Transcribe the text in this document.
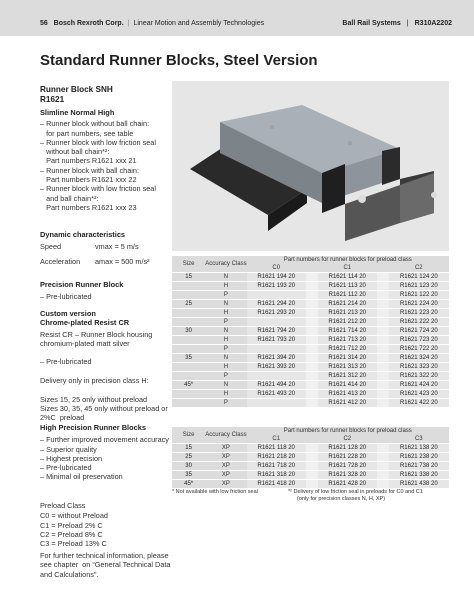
56 Bosch Rexroth Corp. | Linear Motion and Assembly Technologies	Ball Rail Systems | R310A2202
Standard Runner Blocks, Steel Version
Runner Block SNH
R1621
Slimline Normal High
– Runner block without ball chain:
for part numbers, see table
– Runner block with low friction seal
without ball chain*²:
Part numbers R1621 xxx 21
– Runner block with ball chain:
Part numbers R1621 xxx 22
– Runner block with low friction seal
and ball chain*²:
Part numbers R1621 xxx 23
Dynamic characteristics
Speed	vmax = 5 m/s
Acceleration	amax = 500 m/s²
Precision Runner Block
– Pre-lubricated
Custom version
Chrome-plated Resist CR
Resist CR – Runner Block housing
chromium-plated matt silver
– Pre-lubricated
Delivery only in precision class H:
Sizes 15, 25 only without preload
Sizes 30, 35, 45 only without preload or
2%C  preload
High Precision Runner Blocks
– Further improved movement accuracy
– Superior quality
– Highest precision
– Pre-lubricated
– Minimal oil preservation
Preload Class
C0 = without Preload
C1 = Preload 2% C
C2 = Preload 8% C
C3 = Preload 13% C
For further technical information, please
see chapter  on “General Technical Data
and Calculations”.
Size	Accuracy Class	Part numbers for runner blocks for preload class				
		C0		C1		C2
15	N	R1621 194 20		R1621 114 20		R1621 124 20
	H	R1621 193 20		R1621 113 20		R1621 123 20
	P			R1621 112 20		R1621 122 20
25	N	R1621 294 20		R1621 214 20		R1621 224 20
	H	R1621 293 20		R1621 213 20		R1621 223 20
	P			R1621 212 20		R1621 222 20
30	N	R1621 794 20		R1621 714 20		R1621 724 20
	H	R1621 793 20		R1621 713 20		R1621 723 20
	P			R1621 712 20		R1621 722 20
35	N	R1621 394 20		R1621 314 20		R1621 324 20
	H	R1621 393 20		R1621 313 20		R1621 323 20
	P			R1621 312 20		R1621 322 20
45*	N	R1621 494 20		R1621 414 20		R1621 424 20
	H	R1621 493 20		R1621 413 20		R1621 423 20
	P			R1621 412 20		R1621 422 20
Size	Accuracy Class	Part numbers for runner blocks for preload class				
		C1		C2		C3
15	XP	R1621 118 20		R1621 128 20		R1621 138 20
25	XP	R1621 218 20		R1621 228 20		R1621 238 20
30	XP	R1621 718 20		R1621 728 20		R1621 738 20
35	XP	R1621 318 20		R1621 328 20		R1621 338 20
45*	XP	R1621 418 20		R1621 428 20		R1621 438 20
* Not available with low friction seal	*² Delivery of low friction seal in preloads for C0 and C1
(only for precision classes N, H, XP)
